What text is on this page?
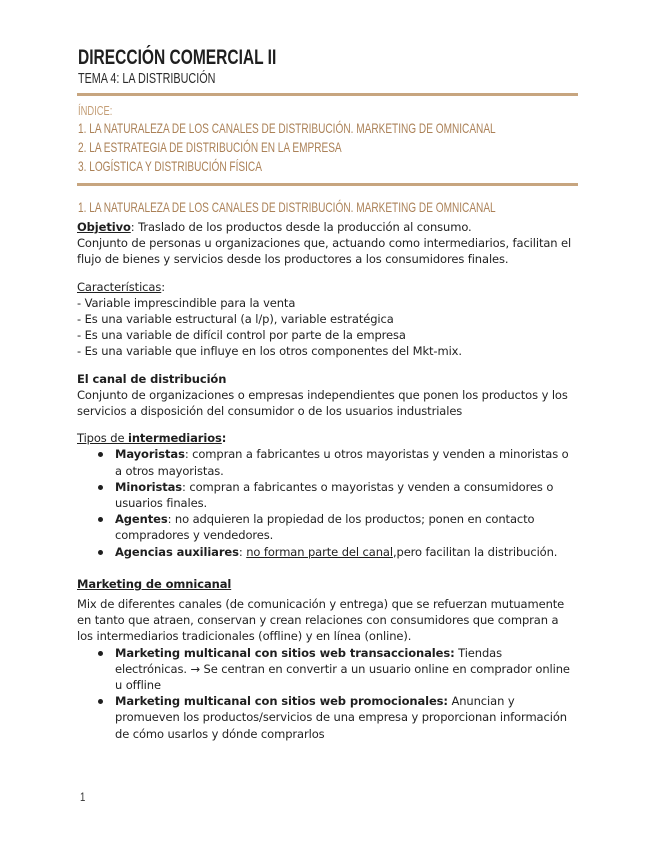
DIRECCIÓN COMERCIAL II
TEMA 4: LA DISTRIBUCIÓN
ÍNDICE:
1. LA NATURALEZA DE LOS CANALES DE DISTRIBUCIÓN. MARKETING DE OMNICANAL
2. LA ESTRATEGIA DE DISTRIBUCIÓN EN LA EMPRESA
3. LOGÍSTICA Y DISTRIBUCIÓN FÍSICA
1. LA NATURALEZA DE LOS CANALES DE DISTRIBUCIÓN. MARKETING DE OMNICANAL

Objetivo: Traslado de los productos desde la producción al consumo.

Conjunto de personas u organizaciones que, actuando como intermediarios, facilitan el flujo de bienes y servicios desde los productores a los consumidores finales.

Características:

- Variable imprescindible para la venta

- Es una variable estructural (a l/p), variable estratégica

- Es una variable de difícil control por parte de la empresa

- Es una variable que influye en los otros componentes del Mkt-mix.

El canal de distribución

Conjunto de organizaciones o empresas independientes que ponen los productos y los servicios a disposición del consumidor o de los usuarios industriales

Tipos de intermediarios:

Mayoristas: compran a fabricantes u otros mayoristas y venden a minoristas o a otros mayoristas.
Minoristas: compran a fabricantes o mayoristas y venden a consumidores o usuarios finales.
Agentes: no adquieren la propiedad de los productos; ponen en contacto compradores y vendedores.
Agencias auxiliares: no forman parte del canal,pero facilitan la distribución.

Marketing de omnicanal

Mix de diferentes canales (de comunicación y entrega) que se refuerzan mutuamente en tanto que atraen, conservan y crean relaciones con consumidores que compran a los intermediarios tradicionales (offline) y en línea (online).

Marketing multicanal con sitios web transaccionales: Tiendas electrónicas. → Se centran en convertir a un usuario online en comprador online u offline
Marketing multicanal con sitios web promocionales: Anuncian y promueven los productos/servicios de una empresa y proporcionan información de cómo usarlos y dónde comprarlos
1
